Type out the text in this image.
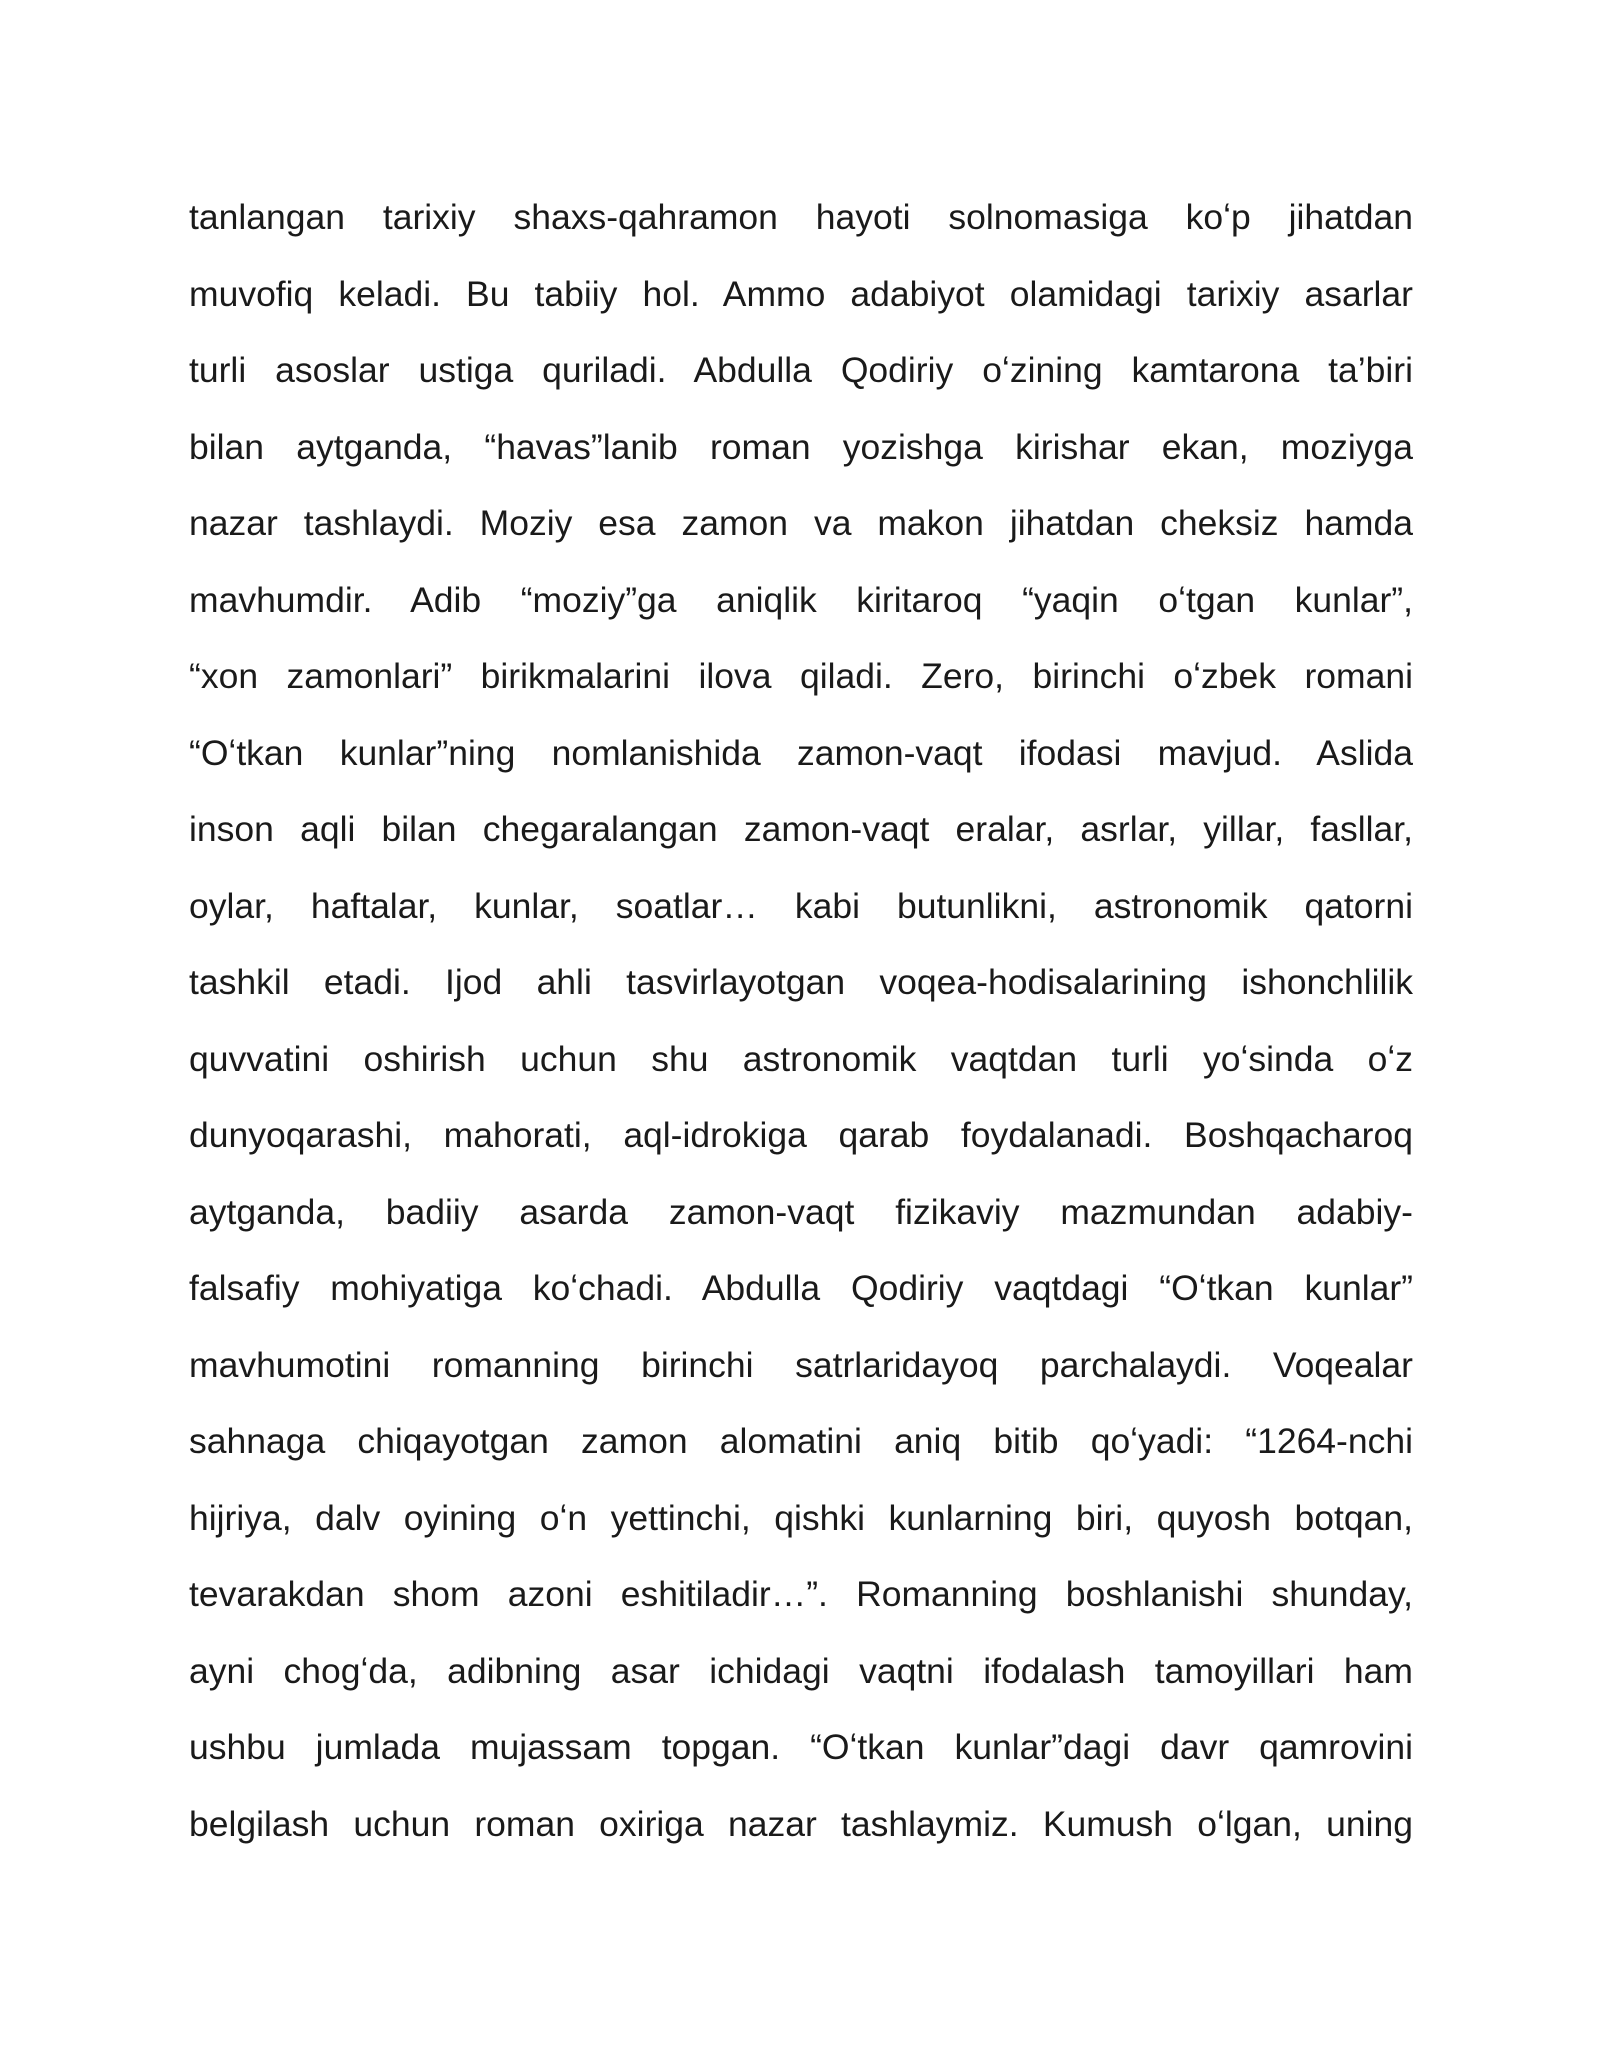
tanlangan tarixiy shaxs-qahramon hayoti solnomasiga koʻp jihatdan
muvofiq keladi. Bu tabiiy hol. Ammo adabiyot olamidagi tarixiy asarlar
turli asoslar ustiga quriladi. Abdulla Qodiriy oʻzining kamtarona ta’biri
bilan aytganda, “havas”lanib roman yozishga kirishar ekan, moziyga
nazar tashlaydi. Moziy esa zamon va makon jihatdan cheksiz hamda
mavhumdir. Adib “moziy”ga aniqlik kiritaroq “yaqin oʻtgan kunlar”,
“xon zamonlari” birikmalarini ilova qiladi. Zero, birinchi oʻzbek romani
“Oʻtkan kunlar”ning nomlanishida zamon-vaqt ifodasi mavjud. Aslida
inson aqli bilan chegaralangan zamon-vaqt eralar, asrlar, yillar, fasllar,
oylar, haftalar, kunlar, soatlar… kabi butunlikni, astronomik qatorni
tashkil etadi. Ijod ahli tasvirlayotgan voqea-hodisalarining ishonchlilik
quvvatini oshirish uchun shu astronomik vaqtdan turli yoʻsinda oʻz
dunyoqarashi, mahorati, aql-idrokiga qarab foydalanadi. Boshqacharoq
aytganda, badiiy asarda zamon-vaqt fizikaviy mazmundan adabiy-
falsafiy mohiyatiga koʻchadi. Abdulla Qodiriy vaqtdagi “Oʻtkan kunlar”
mavhumotini romanning birinchi satrlaridayoq parchalaydi. Voqealar
sahnaga chiqayotgan zamon alomatini aniq bitib qoʻyadi: “1264-nchi
hijriya, dalv oyining oʻn yettinchi, qishki kunlarning biri, quyosh botqan,
tevarakdan shom azoni eshitiladir…”. Romanning boshlanishi shunday,
ayni chogʻda, adibning asar ichidagi vaqtni ifodalash tamoyillari ham
ushbu jumlada mujassam topgan. “Oʻtkan kunlar”dagi davr qamrovini
belgilash uchun roman oxiriga nazar tashlaymiz. Kumush oʻlgan, uning
